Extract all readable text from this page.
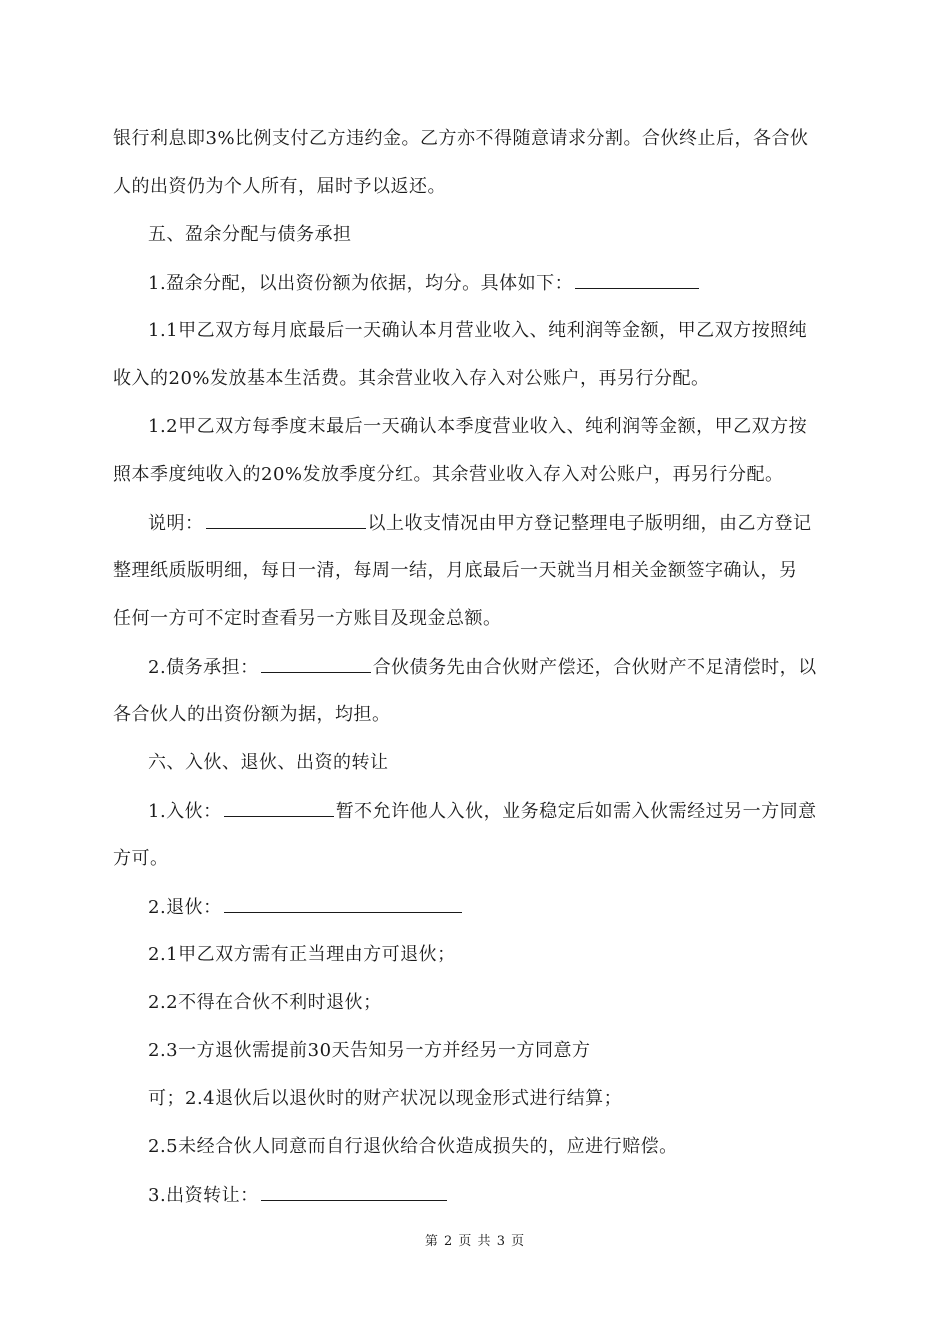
银行利息即3%比例支付乙方违约金。乙方亦不得随意请求分割。合伙终止后，各合伙
人的出资仍为个人所有，届时予以返还。
五、盈余分配与债务承担
1.盈余分配，以出资份额为依据，均分。具体如下：
1.1甲乙双方每月底最后一天确认本月营业收入、纯利润等金额，甲乙双方按照纯
收入的20%发放基本生活费。其余营业收入存入对公账户，再另行分配。
1.2甲乙双方每季度末最后一天确认本季度营业收入、纯利润等金额，甲乙双方按
照本季度纯收入的20%发放季度分红。其余营业收入存入对公账户，再另行分配。
说明：	以上收支情况由甲方登记整理电子版明细，由乙方登记
整理纸质版明细，每日一清，每周一结，月底最后一天就当月相关金额签字确认，另
任何一方可不定时查看另一方账目及现金总额。
2.债务承担：	合伙债务先由合伙财产偿还，合伙财产不足清偿时，以
各合伙人的出资份额为据，均担。
六、入伙、退伙、出资的转让
1.入伙：	暂不允许他人入伙，业务稳定后如需入伙需经过另一方同意
方可。
2.退伙：
2.1甲乙双方需有正当理由方可退伙；
2.2不得在合伙不利时退伙；
2.3一方退伙需提前30天告知另一方并经另一方同意方
可；2.4退伙后以退伙时的财产状况以现金形式进行结算；
2.5未经合伙人同意而自行退伙给合伙造成损失的，应进行赔偿。
3.出资转让：
第 2 页 共 3 页
